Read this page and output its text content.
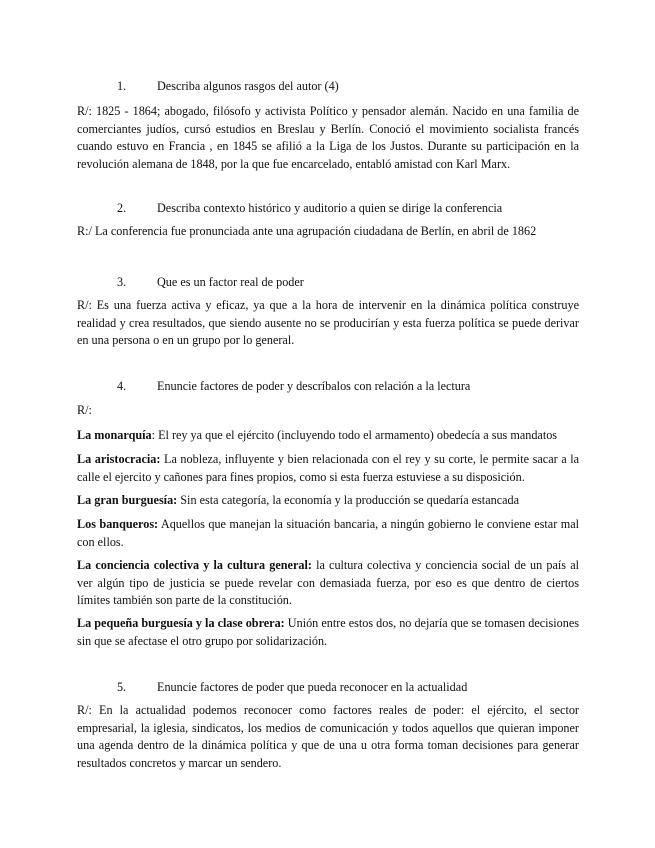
1.	Describa algunos rasgos del autor (4)

R/: 1825 - 1864; abogado, filósofo y activista Político y pensador alemán. Nacido en una familia de comerciantes judíos, cursó estudios en Breslau y Berlín. Conoció el movimiento socialista francés cuando estuvo en Francia , en 1845 se afilió a la Liga de los Justos. Durante su participación en la revolución alemana de 1848, por la que fue encarcelado, entabló amistad con Karl Marx.

2.	Describa contexto histórico y auditorio a quien se dirige la conferencia

R:/ La conferencia fue pronunciada ante una agrupación ciudadana de Berlín, en abril de 1862

3.	Que es un factor real de poder

R/: Es una fuerza activa y eficaz, ya que a la hora de intervenir en la dinámica política construye realidad y crea resultados, que siendo ausente no se producirían y esta fuerza política se puede derivar en una persona o en un grupo por lo general.

4.	Enuncie factores de poder y descríbalos con relación a la lectura

R/:

La monarquía: El rey ya que el ejército (incluyendo todo el armamento) obedecía a sus mandatos

La aristocracia: La nobleza, influyente y bien relacionada con el rey y su corte, le permite sacar a la calle el ejercito y cañones para fines propios, como si esta fuerza estuviese a su disposición.

La gran burguesía: Sin esta categoría, la economía y la producción se quedaría estancada

Los banqueros: Aquellos que manejan la situación bancaria, a ningún gobierno le conviene estar mal con ellos.

La conciencia colectiva y la cultura general: la cultura colectiva y conciencia social de un país al ver algún tipo de justicia se puede revelar con demasiada fuerza, por eso es que dentro de ciertos límites también son parte de la constitución.

La pequeña burguesía y la clase obrera: Unión entre estos dos, no dejaría que se tomasen decisiones sin que se afectase el otro grupo por solidarización.

5.	Enuncie factores de poder que pueda reconocer en la actualidad

R/: En la actualidad podemos reconocer como factores reales de poder: el ejército, el sector empresarial, la iglesia, sindicatos, los medios de comunicación y todos aquellos que quieran imponer una agenda dentro de la dinámica política y que de una u otra forma toman decisiones para generar resultados concretos y marcar un sendero.
